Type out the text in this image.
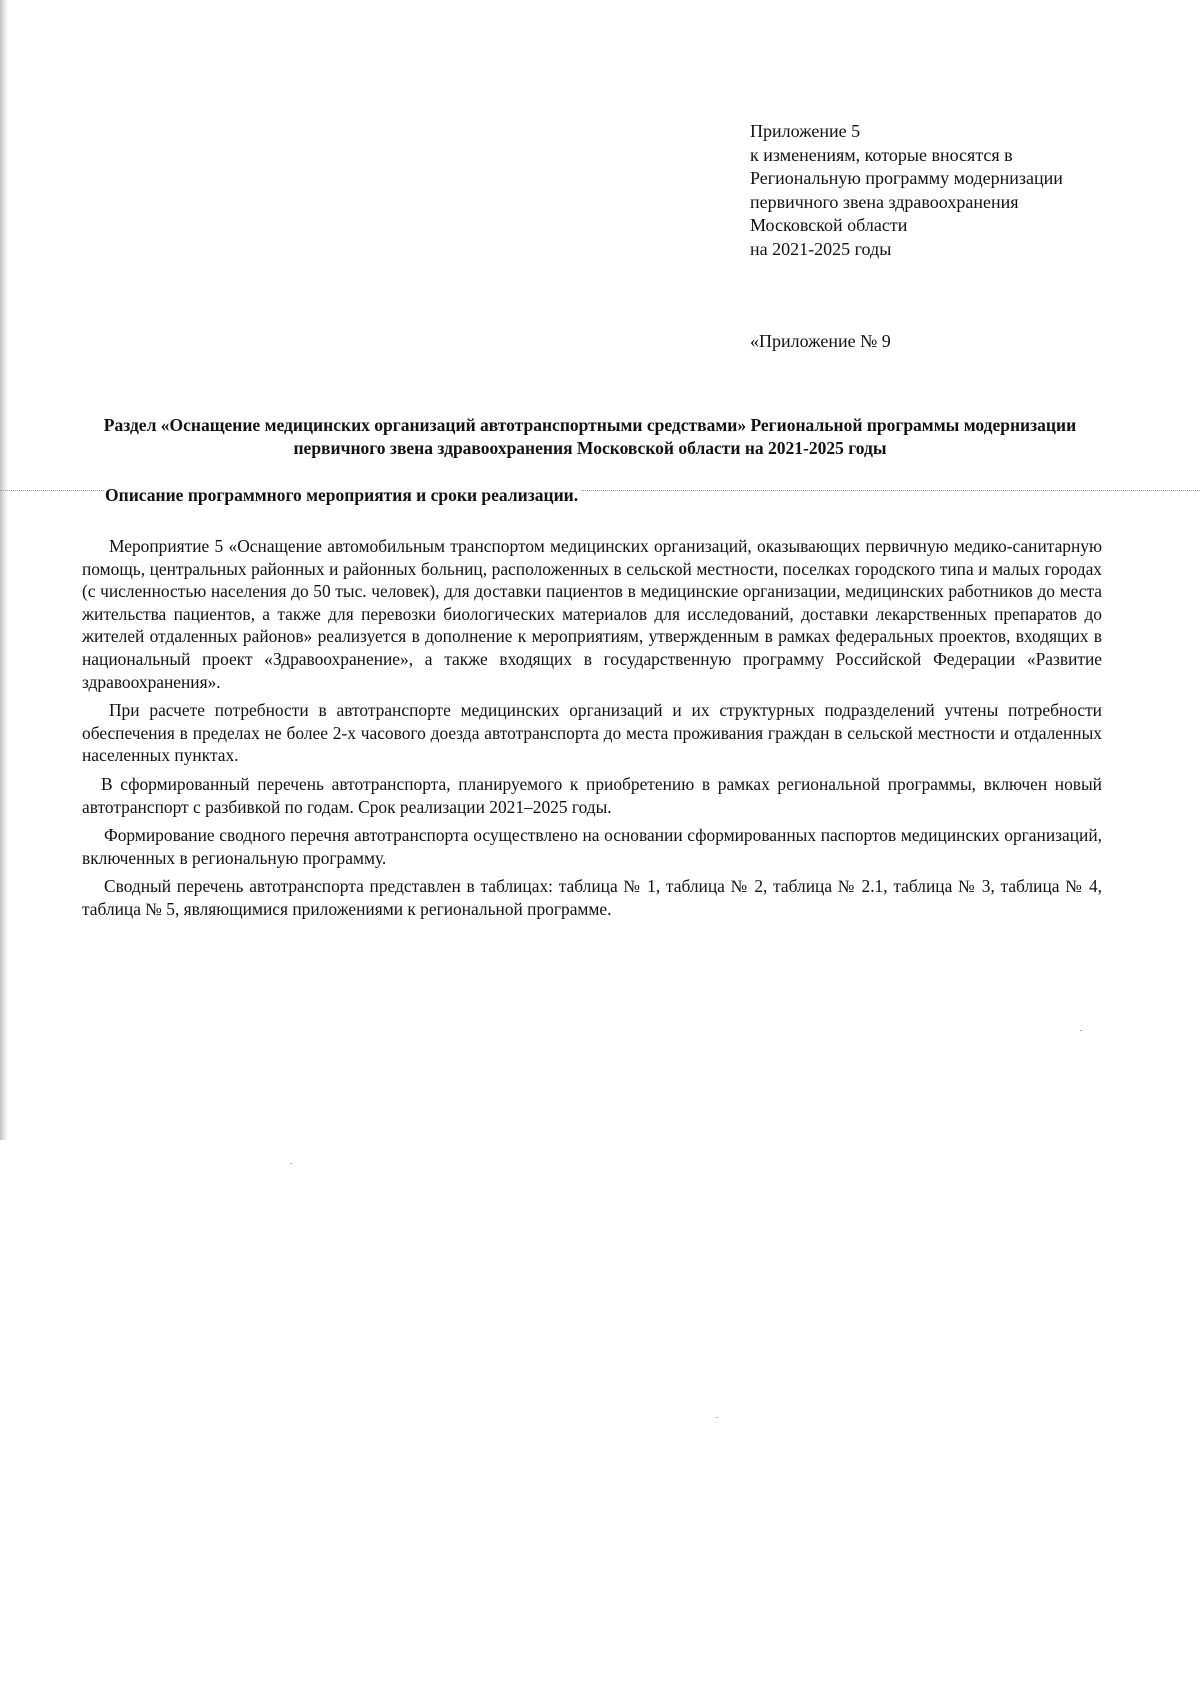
Приложение 5
к изменениям, которые вносятся в
Региональную программу модернизации
первичного звена здравоохранения
Московской области
на 2021-2025 годы
«Приложение № 9
Раздел «Оснащение медицинских организаций автотранспортными средствами» Региональной программы модернизации первичного звена здравоохранения Московской области на 2021-2025 годы
Описание программного мероприятия и сроки реализации.

Мероприятие 5 «Оснащение автомобильным транспортом медицинских организаций, оказывающих первичную медико-санитарную помощь, центральных районных и районных больниц, расположенных в сельской местности, поселках городского типа и малых городах (с численностью населения до 50 тыс. человек), для доставки пациентов в медицинские организации, медицинских работников до места жительства пациентов, а также для перевозки биологических материалов для исследований, доставки лекарственных препаратов до жителей отдаленных районов» реализуется в дополнение к мероприятиям, утвержденным в рамках федеральных проектов, входящих в национальный проект «Здравоохранение», а также входящих в государственную программу Российской Федерации «Развитие здравоохранения».

При расчете потребности в автотранспорте медицинских организаций и их структурных подразделений учтены потребности обеспечения в пределах не более 2-х часового доезда автотранспорта до места проживания граждан в сельской местности и отдаленных населенных пунктах.

В сформированный перечень автотранспорта, планируемого к приобретению в рамках региональной программы, включен новый автотранспорт с разбивкой по годам. Срок реализации 2021–2025 годы.

Формирование сводного перечня автотранспорта осуществлено на основании сформированных паспортов медицинских организаций, включенных в региональную программу.

Сводный перечень автотранспорта представлен в таблицах: таблица № 1, таблица № 2, таблица № 2.1, таблица № 3, таблица № 4, таблица № 5, являющимися приложениями к региональной программе.
